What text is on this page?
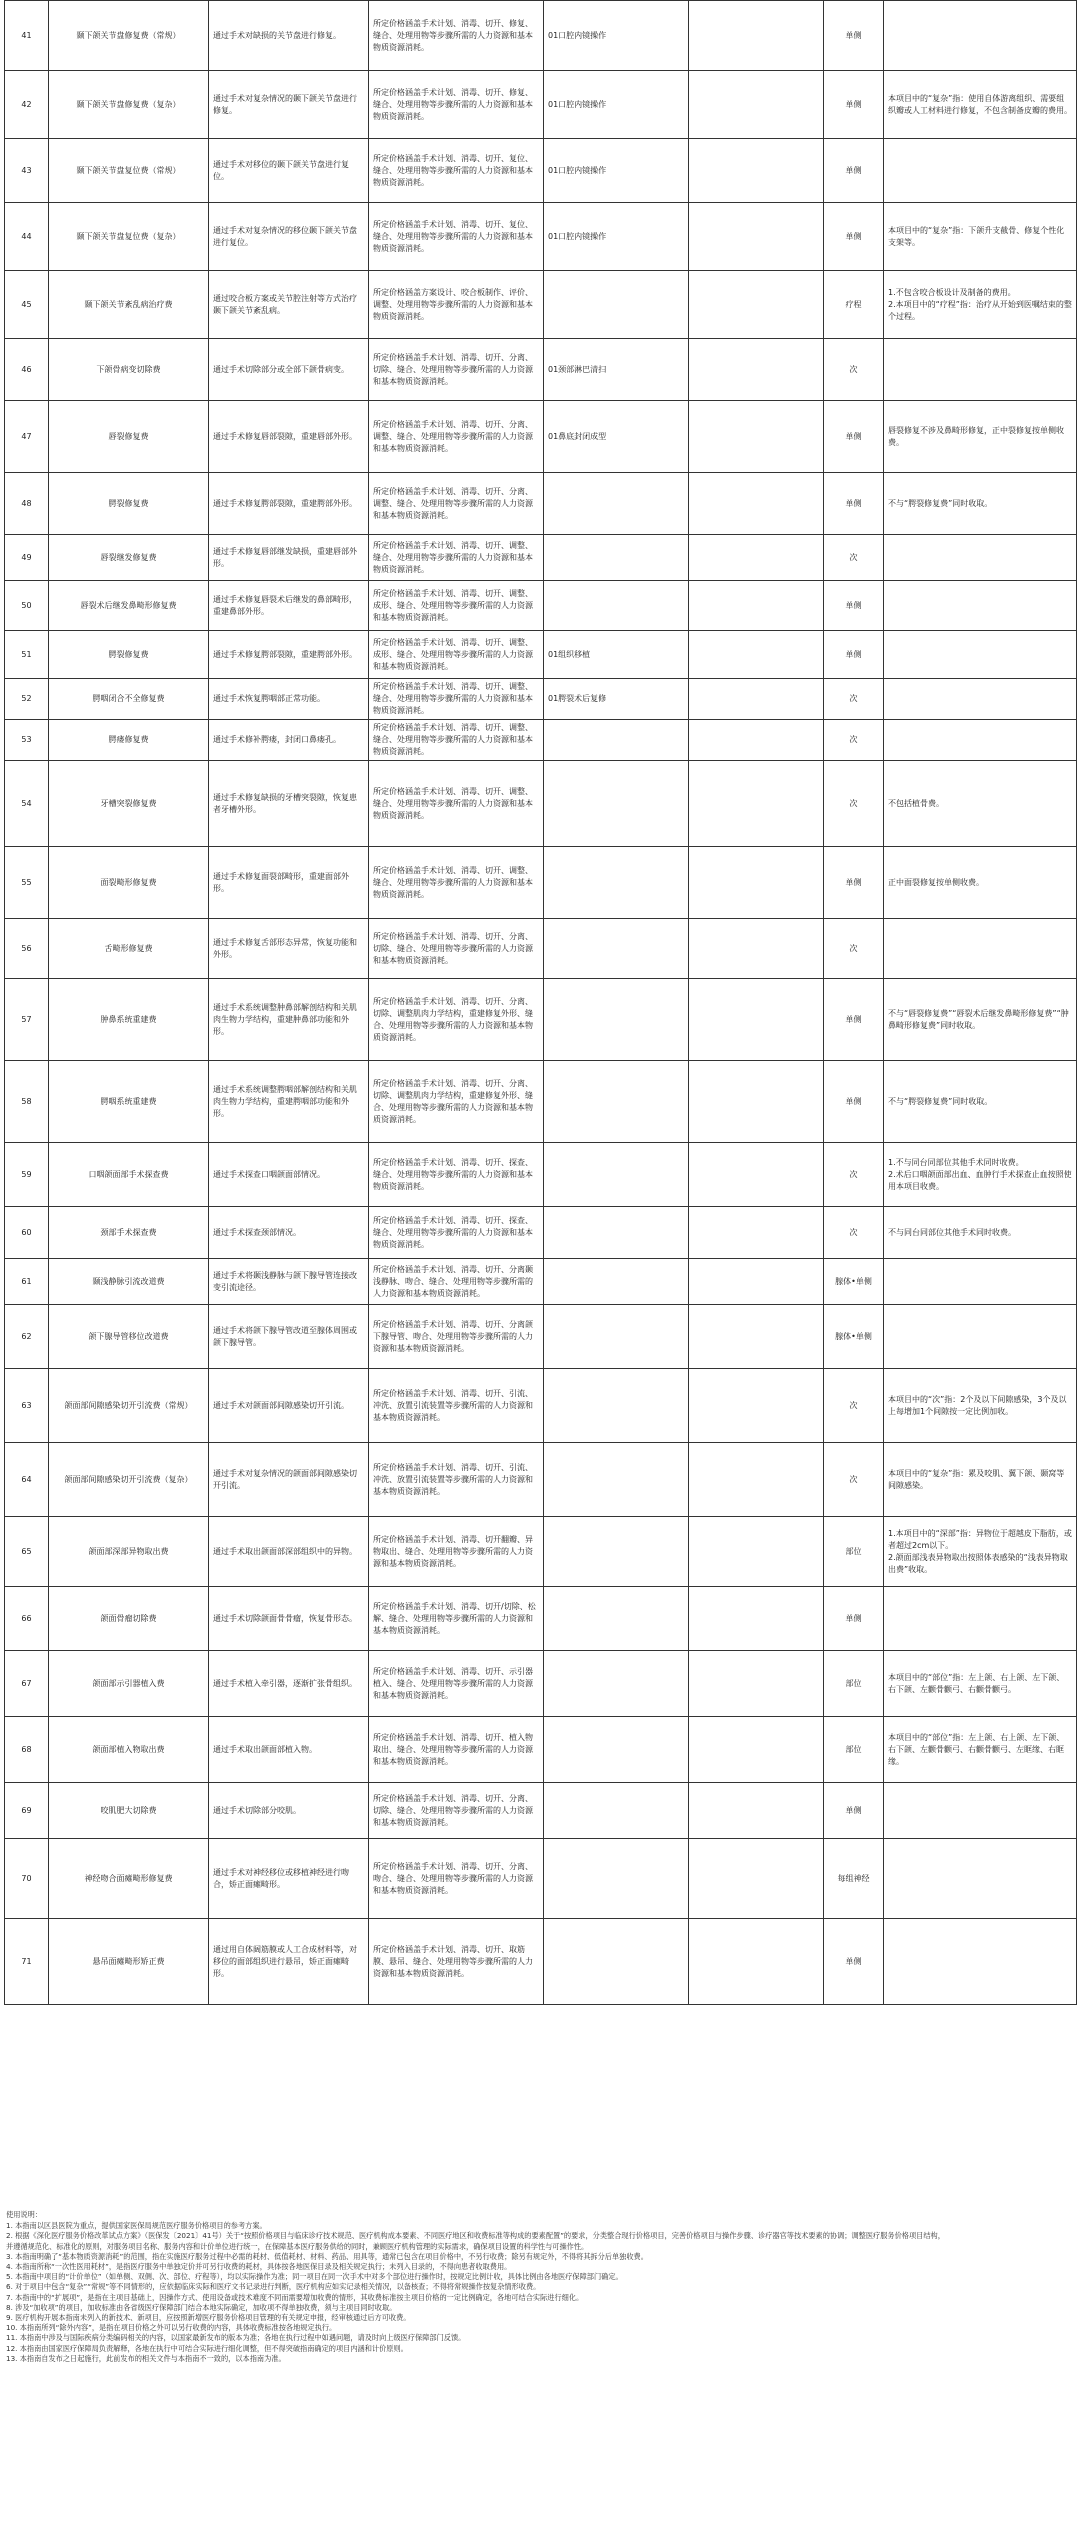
41	颞下颌关节盘修复费（常规）	通过手术对缺损的关节盘进行修复。	所定价格涵盖手术计划、消毒、切开、修复、缝合、处理用物等步骤所需的人力资源和基本物质资源消耗。	01口腔内镜操作		单侧	
42	颞下颌关节盘修复费（复杂）	通过手术对复杂情况的颞下颌关节盘进行修复。	所定价格涵盖手术计划、消毒、切开、修复、缝合、处理用物等步骤所需的人力资源和基本物质资源消耗。	01口腔内镜操作		单侧	本项目中的“复杂”指：使用自体游离组织、需要组织瓣或人工材料进行修复，不包含制备皮瓣的费用。
43	颞下颌关节盘复位费（常规）	通过手术对移位的颞下颌关节盘进行复位。	所定价格涵盖手术计划、消毒、切开、复位、缝合、处理用物等步骤所需的人力资源和基本物质资源消耗。	01口腔内镜操作		单侧	
44	颞下颌关节盘复位费（复杂）	通过手术对复杂情况的移位颞下颌关节盘进行复位。	所定价格涵盖手术计划、消毒、切开、复位、缝合、处理用物等步骤所需的人力资源和基本物质资源消耗。	01口腔内镜操作		单侧	本项目中的“复杂”指：下颌升支截骨、修复个性化支架等。
45	颞下颌关节紊乱病治疗费	通过咬合板方案或关节腔注射等方式治疗颞下颌关节紊乱病。	所定价格涵盖方案设计、咬合板制作、评价、调整、处理用物等步骤所需的人力资源和基本物质资源消耗。			疗程	1.不包含咬合板设计及制备的费用。
2.本项目中的“疗程”指：治疗从开始到医嘱结束的整个过程。
46	下颌骨病变切除费	通过手术切除部分或全部下颌骨病变。	所定价格涵盖手术计划、消毒、切开、分离、切除、缝合、处理用物等步骤所需的人力资源和基本物质资源消耗。	01颈部淋巴清扫		次	
47	唇裂修复费	通过手术修复唇部裂隙，重建唇部外形。	所定价格涵盖手术计划、消毒、切开、分离、调整、缝合、处理用物等步骤所需的人力资源和基本物质资源消耗。	01鼻底封闭成型		单侧	唇裂修复不涉及鼻畸形修复，正中裂修复按单侧收费。
48	腭裂修复费	通过手术修复腭部裂隙，重建腭部外形。	所定价格涵盖手术计划、消毒、切开、分离、调整、缝合、处理用物等步骤所需的人力资源和基本物质资源消耗。			单侧	不与“腭裂修复费”同时收取。
49	唇裂继发修复费	通过手术修复唇部继发缺损，重建唇部外形。	所定价格涵盖手术计划、消毒、切开、调整、缝合、处理用物等步骤所需的人力资源和基本物质资源消耗。			次	
50	唇裂术后继发鼻畸形修复费	通过手术修复唇裂术后继发的鼻部畸形，重建鼻部外形。	所定价格涵盖手术计划、消毒、切开、调整、成形、缝合、处理用物等步骤所需的人力资源和基本物质资源消耗。			单侧	
51	腭裂修复费	通过手术修复腭部裂隙，重建腭部外形。	所定价格涵盖手术计划、消毒、切开、调整、成形、缝合、处理用物等步骤所需的人力资源和基本物质资源消耗。	01组织移植		单侧	
52	腭咽闭合不全修复费	通过手术恢复腭咽部正常功能。	所定价格涵盖手术计划、消毒、切开、调整、缝合、处理用物等步骤所需的人力资源和基本物质资源消耗。	01腭裂术后复修		次	
53	腭瘘修复费	通过手术修补腭瘘，封闭口鼻瘘孔。	所定价格涵盖手术计划、消毒、切开、调整、缝合、处理用物等步骤所需的人力资源和基本物质资源消耗。			次	
54	牙槽突裂修复费	通过手术修复缺损的牙槽突裂隙，恢复患者牙槽外形。	所定价格涵盖手术计划、消毒、切开、调整、缝合、处理用物等步骤所需的人力资源和基本物质资源消耗。			次	不包括植骨费。
55	面裂畸形修复费	通过手术修复面裂部畸形，重建面部外形。	所定价格涵盖手术计划、消毒、切开、调整、缝合、处理用物等步骤所需的人力资源和基本物质资源消耗。			单侧	正中面裂修复按单侧收费。
56	舌畸形修复费	通过手术修复舌部形态异常，恢复功能和外形。	所定价格涵盖手术计划、消毒、切开、分离、切除、缝合、处理用物等步骤所需的人力资源和基本物质资源消耗。			次	
57	肿鼻系统重建费	通过手术系统调整肿鼻部解剖结构和关肌肉生物力学结构，重建肿鼻部功能和外形。	所定价格涵盖手术计划、消毒、切开、分离、切除、调整肌肉力学结构，重建修复外形、缝合、处理用物等步骤所需的人力资源和基本物质资源消耗。			单侧	不与“唇裂修复费”“唇裂术后继发鼻畸形修复费”“肿鼻畸形修复费”同时收取。
58	腭咽系统重建费	通过手术系统调整腭咽部解剖结构和关肌肉生物力学结构，重建腭咽部功能和外形。	所定价格涵盖手术计划、消毒、切开、分离、切除、调整肌肉力学结构，重建修复外形、缝合、处理用物等步骤所需的人力资源和基本物质资源消耗。			单侧	不与“腭裂修复费”同时收取。
59	口咽颌面部手术探查费	通过手术探查口咽颌面部情况。	所定价格涵盖手术计划、消毒、切开、探查、缝合、处理用物等步骤所需的人力资源和基本物质资源消耗。			次	1.不与同台同部位其他手术同时收费。
2.术后口咽颌面部出血、血肿行手术探查止血按照使用本项目收费。
60	颈部手术探查费	通过手术探查颈部情况。	所定价格涵盖手术计划、消毒、切开、探查、缝合、处理用物等步骤所需的人力资源和基本物质资源消耗。			次	不与同台同部位其他手术同时收费。
61	颞浅静脉引流改道费	通过手术将颞浅静脉与颌下腺导管连接改变引流途径。	所定价格涵盖手术计划、消毒、切开、分离颞浅静脉、吻合、缝合、处理用物等步骤所需的人力资源和基本物质资源消耗。			腺体•单侧	
62	颌下腺导管移位改道费	通过手术将颌下腺导管改道至腺体周围或颌下腺导管。	所定价格涵盖手术计划、消毒、切开、分离颌下腺导管、吻合、处理用物等步骤所需的人力资源和基本物质资源消耗。			腺体•单侧	
63	颌面部间隙感染切开引流费（常规）	通过手术对颌面部间隙感染切开引流。	所定价格涵盖手术计划、消毒、切开、引流、冲洗、放置引流装置等步骤所需的人力资源和基本物质资源消耗。			次	本项目中的“次”指：2个及以下间隙感染，3个及以上每增加1个间隙按一定比例加收。
64	颌面部间隙感染切开引流费（复杂）	通过手术对复杂情况的颌面部间隙感染切开引流。	所定价格涵盖手术计划、消毒、切开、引流、冲洗、放置引流装置等步骤所需的人力资源和基本物质资源消耗。			次	本项目中的“复杂”指：累及咬肌、翼下颌、颞窝等间隙感染。
65	颌面部深部异物取出费	通过手术取出颌面部深部组织中的异物。	所定价格涵盖手术计划、消毒、切开翻瓣、异物取出、缝合、处理用物等步骤所需的人力资源和基本物质资源消耗。			部位	1.本项目中的“深部”指：异物位于超越皮下脂肪，或者超过2cm以下。
2.颌面部浅表异物取出按照体表感染的“浅表异物取出费”收取。
66	颌面骨瘤切除费	通过手术切除颌面骨骨瘤，恢复骨形态。	所定价格涵盖手术计划、消毒、切开/切除、松解、缝合、处理用物等步骤所需的人力资源和基本物质资源消耗。			单侧	
67	颌面部示引器植入费	通过手术植入牵引器，逐渐扩张骨组织。	所定价格涵盖手术计划、消毒、切开、示引器植入、缝合、处理用物等步骤所需的人力资源和基本物质资源消耗。			部位	本项目中的“部位”指：左上颌、右上颌、左下颌、右下颌、左颧骨颧弓、右颧骨颧弓。
68	颌面部植入物取出费	通过手术取出颌面部植入物。	所定价格涵盖手术计划、消毒、切开、植入物取出、缝合、处理用物等步骤所需的人力资源和基本物质资源消耗。			部位	本项目中的“部位”指：左上颌、右上颌、左下颌、右下颌、左颧骨颧弓、右颧骨颧弓、左眶缘、右眶缘。
69	咬肌肥大切除费	通过手术切除部分咬肌。	所定价格涵盖手术计划、消毒、切开、分离、切除、缝合、处理用物等步骤所需的人力资源和基本物质资源消耗。			单侧	
70	神经吻合面瘫畸形修复费	通过手术对神经移位或移植神经进行吻合，矫正面瘫畸形。	所定价格涵盖手术计划、消毒、切开、分离、吻合、缝合、处理用物等步骤所需的人力资源和基本物质资源消耗。			每组神经	
71	悬吊面瘫畸形矫正费	通过用自体阔筋膜或人工合成材料等，对移位的面部组织进行悬吊，矫正面瘫畸形。	所定价格涵盖手术计划、消毒、切开、取筋膜、悬吊、缝合、处理用物等步骤所需的人力资源和基本物质资源消耗。			单侧	

使用说明：

1. 本指南以区县医院为重点，提供国家医保局规范医疗服务价格项目的参考方案。

2. 根据《深化医疗服务价格改革试点方案》（医保发〔2021〕41号）关于“按照价格项目与临床诊疗技术规范、医疗机构成本要素、不同医疗地区和收费标准等构成的要素配置”的要求，分类整合现行价格项目，完善价格项目与操作步骤、诊疗器官等技术要素的协调；调整医疗服务价格项目结构，

并遵循规范化、标准化的原则，对服务项目名称、服务内容和计价单位进行统一，在保障基本医疗服务供给的同时，兼顾医疗机构管理的实际需求，确保项目设置的科学性与可操作性。

3. 本指南明确了“基本物质资源消耗”的范围，指在实施医疗服务过程中必需的耗材、低值耗材、材料、药品、用具等，通常已包含在项目价格中，不另行收费；除另有规定外，不得将其拆分后单独收费。

4. 本指南所称“一次性医用耗材”，是指医疗服务中单独定价并可另行收费的耗材，具体按各地医保目录及相关规定执行；未列入目录的，不得向患者收取费用。

5. 本指南中项目的“计价单位”（如单侧、双侧、次、部位、疗程等），均以实际操作为准；同一项目在同一次手术中对多个部位进行操作时，按规定比例计收，具体比例由各地医疗保障部门确定。

6. 对于项目中包含“复杂”“常规”等不同情形的，应依据临床实际和医疗文书记录进行判断，医疗机构应如实记录相关情况，以备核查；不得将常规操作按复杂情形收费。

7. 本指南中的“扩展项”，是指在主项目基础上，因操作方式、使用设备或技术难度不同而需要增加收费的情形，其收费标准按主项目价格的一定比例确定，各地可结合实际进行细化。

8. 涉及“加收项”的项目，加收标准由各省级医疗保障部门结合本地实际确定，加收项不得单独收费，须与主项目同时收取。

9. 医疗机构开展本指南未列入的新技术、新项目，应按照新增医疗服务价格项目管理的有关规定申报，经审核通过后方可收费。

10. 本指南所列“除外内容”，是指在项目价格之外可以另行收费的内容，具体收费标准按各地规定执行。

11. 本指南中涉及与国际疾病分类编码相关的内容，以国家最新发布的版本为准；各地在执行过程中如遇问题，请及时向上级医疗保障部门反馈。

12. 本指南由国家医疗保障局负责解释，各地在执行中可结合实际进行细化调整，但不得突破指南确定的项目内涵和计价原则。

13. 本指南自发布之日起施行，此前发布的相关文件与本指南不一致的，以本指南为准。
